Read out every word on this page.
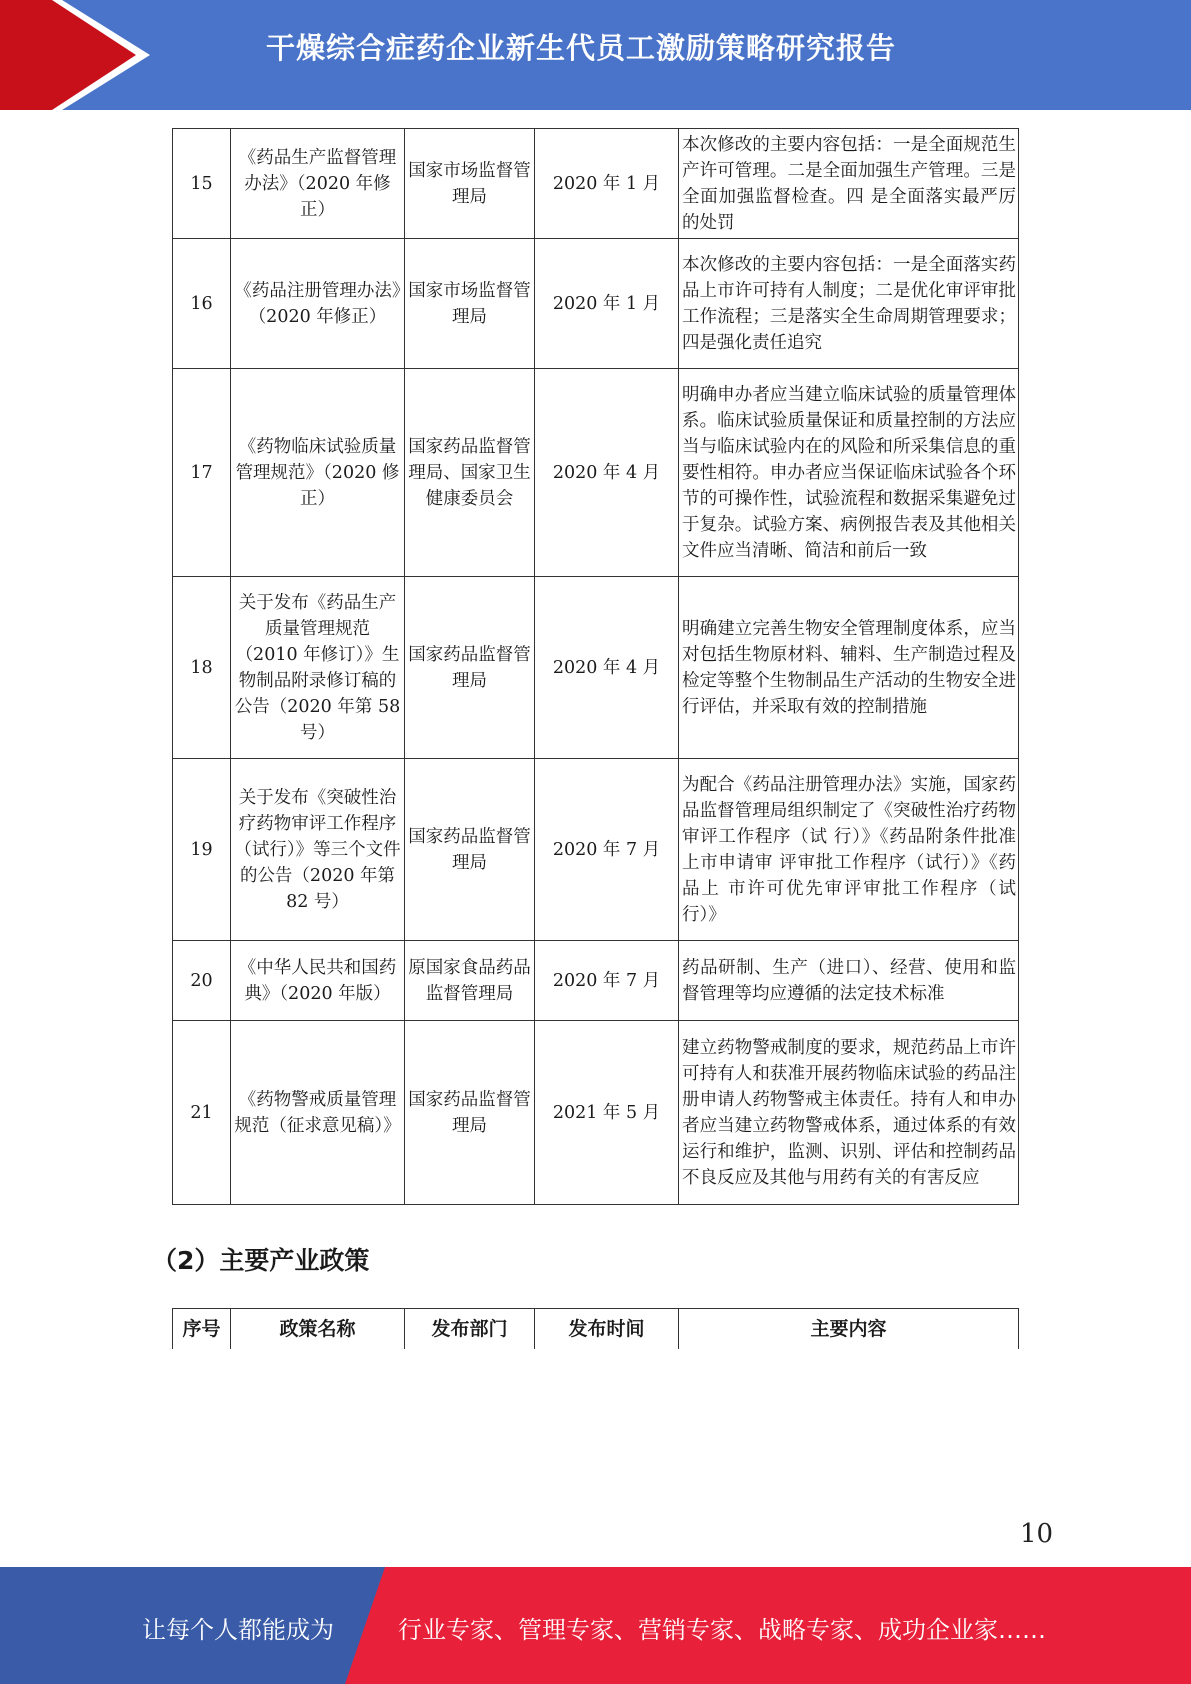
干燥综合症药企业新生代员工激励策略研究报告
15	《药品生产监督管理办法》（2020 年修正）	国家市场监督管理局	2020 年 1 月	本次修改的主要内容包括：一是全面规范生产许可管理。二是全面加强生产管理。三是全面加强监督检查。四 是全面落实最严厉的处罚
16	《药品注册管理办法》（2020 年修正）	国家市场监督管理局	2020 年 1 月	本次修改的主要内容包括：一是全面落实药品上市许可持有人制度；二是优化审评审批工作流程；三是落实全生命周期管理要求；四是强化责任追究
17	《药物临床试验质量管理规范》（2020 修正）	国家药品监督管理局、国家卫生健康委员会	2020 年 4 月	明确申办者应当建立临床试验的质量管理体系。临床试验质量保证和质量控制的方法应当与临床试验内在的风险和所采集信息的重要性相符。申办者应当保证临床试验各个环节的可操作性，试验流程和数据采集避免过于复杂。试验方案、病例报告表及其他相关文件应当清晰、简洁和前后一致
18	关于发布《药品生产质量管理规范（2010 年修订）》生物制品附录修订稿的公告（2020 年第 58 号）	国家药品监督管理局	2020 年 4 月	明确建立完善生物安全管理制度体系，应当对包括生物原材料、辅料、生产制造过程及检定等整个生物制品生产活动的生物安全进行评估，并采取有效的控制措施
19	关于发布《突破性治疗药物审评工作程序（试行）》等三个文件的公告（2020 年第 82 号）	国家药品监督管理局	2020 年 7 月	为配合《药品注册管理办法》实施，国家药品监督管理局组织制定了《突破性治疗药物审评工作程序（试 行）》《药品附条件批准上市申请审 评审批工作程序（试行）》《药品上 市许可优先审评审批工作程序（试 行）》
20	《中华人民共和国药典》（2020 年版）	原国家食品药品监督管理局	2020 年 7 月	药品研制、生产（进口）、经营、使用和监督管理等均应遵循的法定技术标准
21	《药物警戒质量管理规范（征求意见稿）》	国家药品监督管理局	2021 年 5 月	建立药物警戒制度的要求，规范药品上市许可持有人和获准开展药物临床试验的药品注册申请人药物警戒主体责任。持有人和申办者应当建立药物警戒体系，通过体系的有效运行和维护，监测、识别、评估和控制药品不良反应及其他与用药有关的有害反应
（2）主要产业政策
序号	政策名称	发布部门	发布时间	主要内容
10
让每个人都能成为	行业专家、管理专家、营销专家、战略专家、成功企业家……
